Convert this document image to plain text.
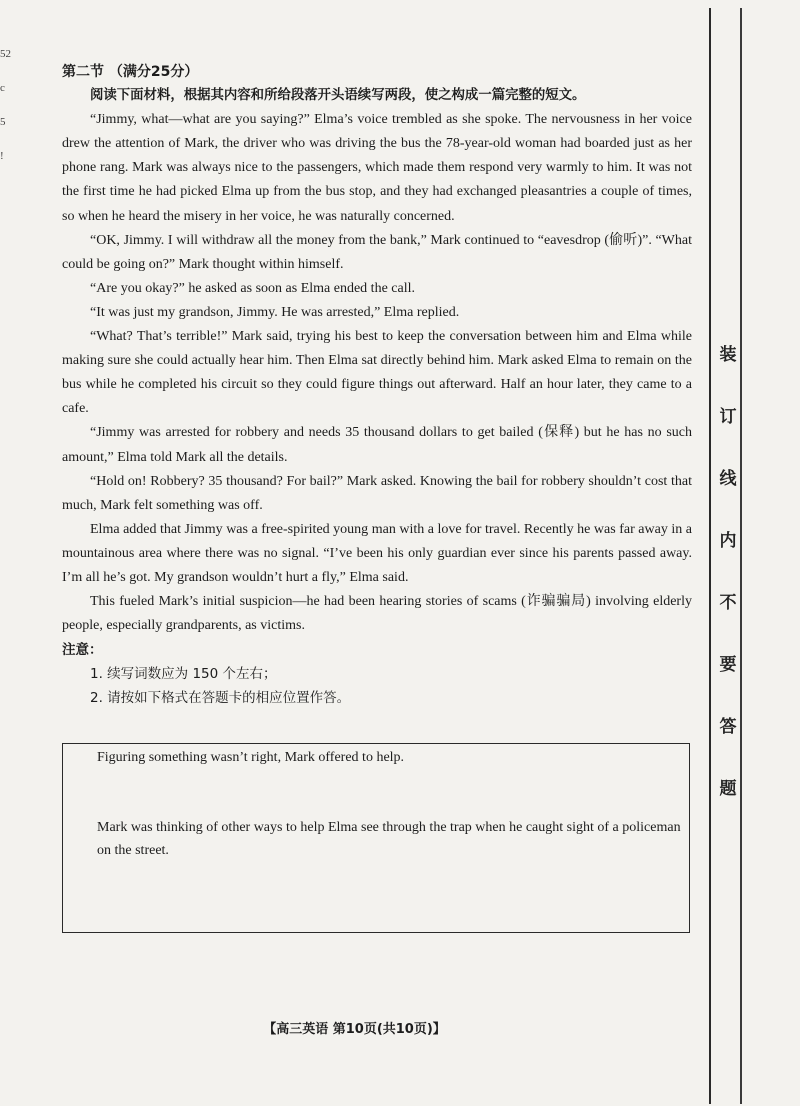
52
c
5
!
装
订
线
内
不
要
答
题
第二节 （满分25分）
阅读下面材料，根据其内容和所给段落开头语续写两段，使之构成一篇完整的短文。

“Jimmy, what—what are you saying?” Elma’s voice trembled as she spoke. The nervousness in her voice drew the attention of Mark, the driver who was driving the bus the 78-year-old woman had boarded just as her phone rang. Mark was always nice to the passengers, which made them respond very warmly to him. It was not the first time he had picked Elma up from the bus stop, and they had exchanged pleasantries a couple of times, so when he heard the misery in her voice, he was naturally concerned.

“OK, Jimmy. I will withdraw all the money from the bank,” Mark continued to “eavesdrop (偷听)”. “What could be going on?” Mark thought within himself.

“Are you okay?” he asked as soon as Elma ended the call.

“It was just my grandson, Jimmy. He was arrested,” Elma replied.

“What? That’s terrible!” Mark said, trying his best to keep the conversation between him and Elma while making sure she could actually hear him. Then Elma sat directly behind him. Mark asked Elma to remain on the bus while he completed his circuit so they could figure things out afterward. Half an hour later, they came to a cafe.

“Jimmy was arrested for robbery and needs 35 thousand dollars to get bailed (保释) but he has no such amount,” Elma told Mark all the details.

“Hold on! Robbery? 35 thousand? For bail?” Mark asked. Knowing the bail for robbery shouldn’t cost that much, Mark felt something was off.

Elma added that Jimmy was a free-spirited young man with a love for travel. Recently he was far away in a mountainous area where there was no signal. “I’ve been his only guardian ever since his parents passed away. I’m all he’s got. My grandson wouldn’t hurt a fly,” Elma said.

This fueled Mark’s initial suspicion—he had been hearing stories of scams (诈骗骗局) involving elderly people, especially grandparents, as victims.

注意：
1. 续写词数应为 150 个左右；
2. 请按如下格式在答题卡的相应位置作答。
Figuring something wasn’t right, Mark offered to help.
Mark was thinking of other ways to help Elma see through the trap when he caught sight of a policeman on the street.
【高三英语 第10页(共10页)】
